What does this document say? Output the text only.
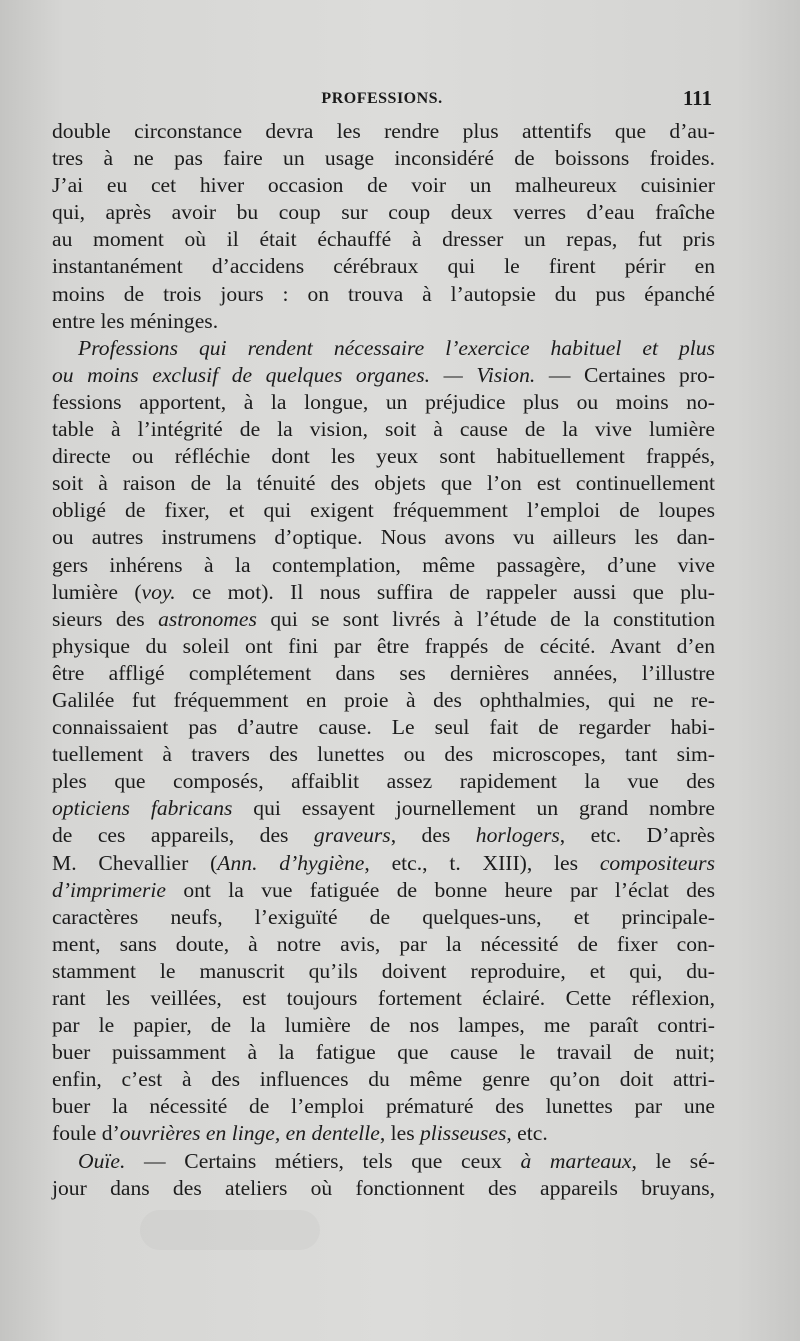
PROFESSIONS.	111
double circonstance devra les rendre plus attentifs que d’au-
tres à ne pas faire un usage inconsidéré de boissons froides.
J’ai eu cet hiver occasion de voir un malheureux cuisinier
qui, après avoir bu coup sur coup deux verres d’eau fraîche
au moment où il était échauffé à dresser un repas, fut pris
instantanément d’accidens cérébraux qui le firent périr en
moins de trois jours : on trouva à l’autopsie du pus épanché
entre les méninges.
Professions qui rendent nécessaire l’exercice habituel et plus
ou moins exclusif de quelques organes. — Vision. — Certaines pro-
fessions apportent, à la longue, un préjudice plus ou moins no-
table à l’intégrité de la vision, soit à cause de la vive lumière
directe ou réfléchie dont les yeux sont habituellement frappés,
soit à raison de la ténuité des objets que l’on est continuellement
obligé de fixer, et qui exigent fréquemment l’emploi de loupes
ou autres instrumens d’optique. Nous avons vu ailleurs les dan-
gers inhérens à la contemplation, même passagère, d’une vive
lumière (voy. ce mot). Il nous suffira de rappeler aussi que plu-
sieurs des astronomes qui se sont livrés à l’étude de la constitution
physique du soleil ont fini par être frappés de cécité. Avant d’en
être affligé complétement dans ses dernières années, l’illustre
Galilée fut fréquemment en proie à des ophthalmies, qui ne re-
connaissaient pas d’autre cause. Le seul fait de regarder habi-
tuellement à travers des lunettes ou des microscopes, tant sim-
ples que composés, affaiblit assez rapidement la vue des
opticiens fabricans qui essayent journellement un grand nombre
de ces appareils, des graveurs, des horlogers, etc. D’après
M. Chevallier (Ann. d’hygiène, etc., t. XIII), les compositeurs
d’imprimerie ont la vue fatiguée de bonne heure par l’éclat des
caractères neufs, l’exiguïté de quelques-uns, et principale-
ment, sans doute, à notre avis, par la nécessité de fixer con-
stamment le manuscrit qu’ils doivent reproduire, et qui, du-
rant les veillées, est toujours fortement éclairé. Cette réflexion,
par le papier, de la lumière de nos lampes, me paraît contri-
buer puissamment à la fatigue que cause le travail de nuit;
enfin, c’est à des influences du même genre qu’on doit attri-
buer la nécessité de l’emploi prématuré des lunettes par une
foule d’ouvrières en linge, en dentelle, les plisseuses, etc.
Ouïe. — Certains métiers, tels que ceux à marteaux, le sé-
jour dans des ateliers où fonctionnent des appareils bruyans,
